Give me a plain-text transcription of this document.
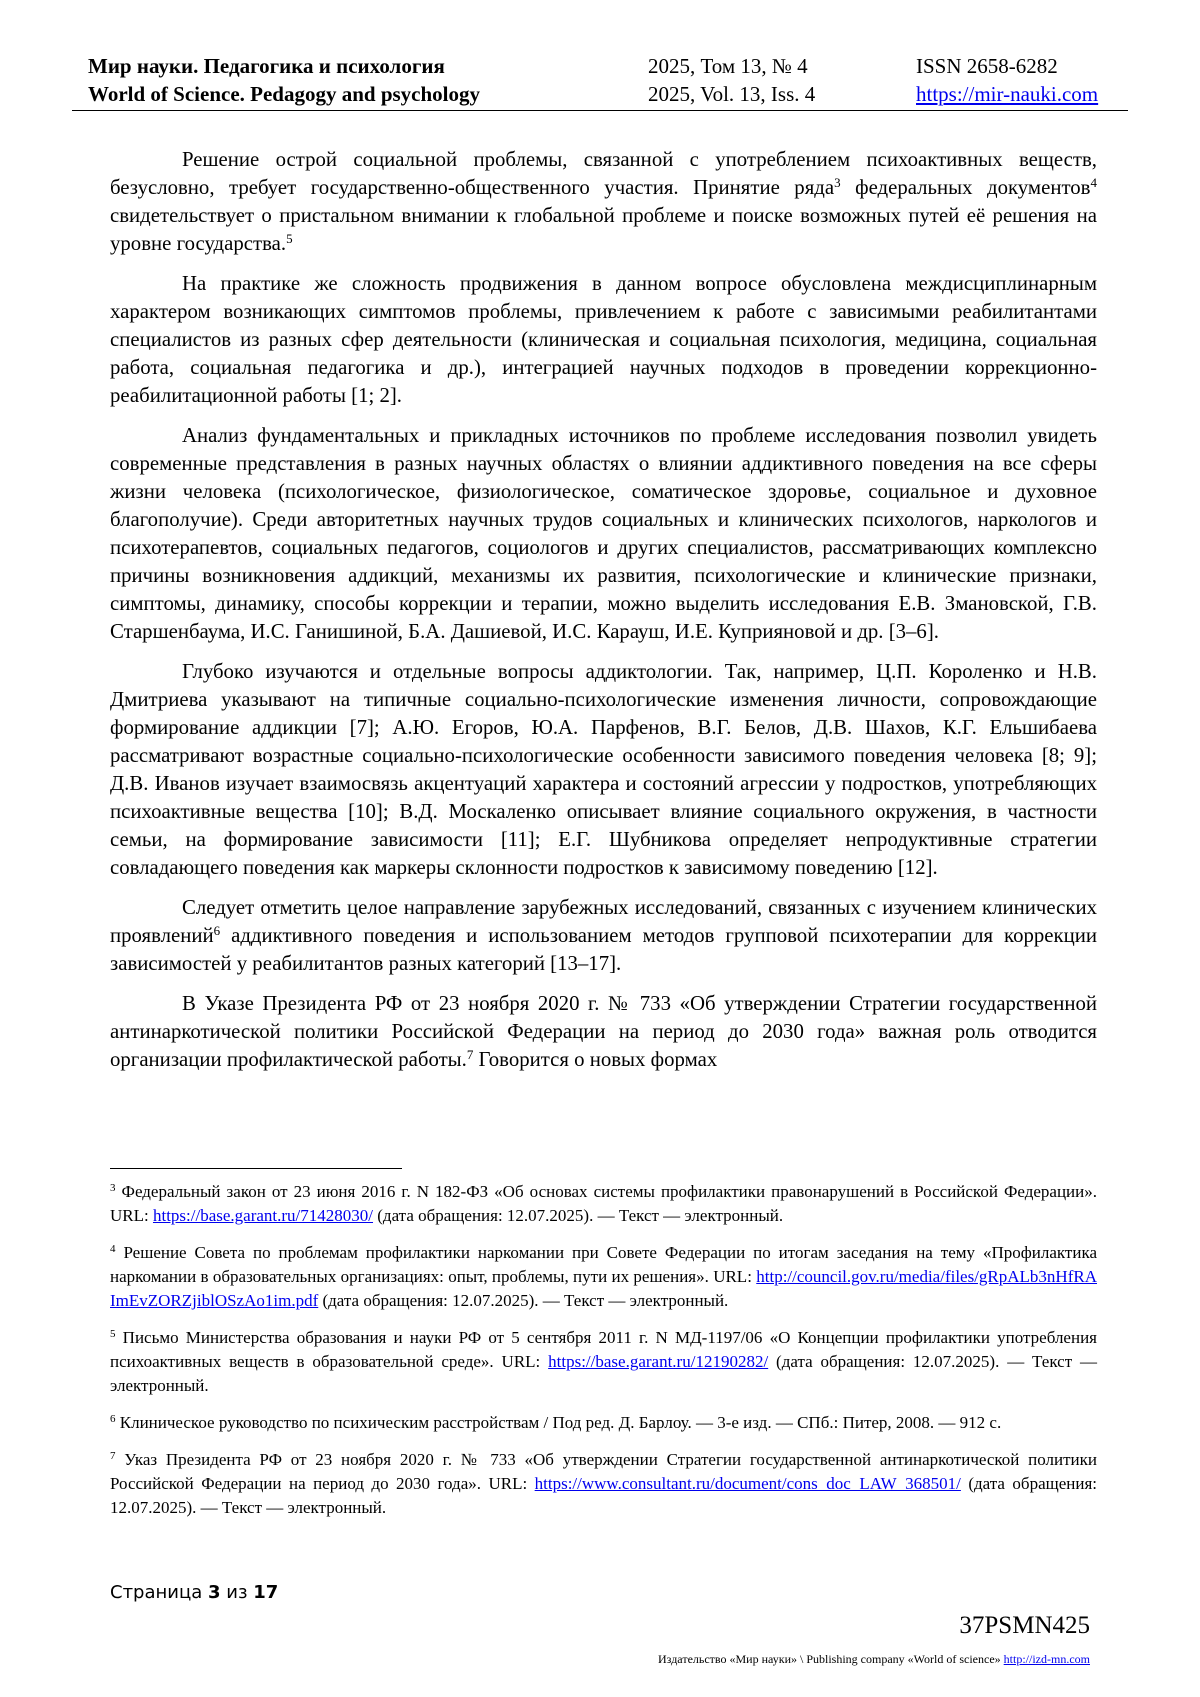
Мир науки. Педагогика и психология
World of Science. Pedagogy and psychology
2025, Том 13, № 4
2025, Vol. 13, Iss. 4
ISSN 2658-6282
https://mir-nauki.com

Решение острой социальной проблемы, связанной с употреблением психоактивных веществ, безусловно, требует государственно-общественного участия. Принятие ряда$^3$ федеральных документов$^4$ свидетельствует о пристальном внимании к глобальной проблеме и поиске возможных путей её решения на уровне государства.$^5$

На практике же сложность продвижения в данном вопросе обусловлена междисциплинарным характером возникающих симптомов проблемы, привлечением к работе с зависимыми реабилитантами специалистов из разных сфер деятельности (клиническая и социальная психология, медицина, социальная работа, социальная педагогика и др.), интеграцией научных подходов в проведении коррекционно-реабилитационной работы [1; 2].

Анализ фундаментальных и прикладных источников по проблеме исследования позволил увидеть современные представления в разных научных областях о влиянии аддиктивного поведения на все сферы жизни человека (психологическое, физиологическое, соматическое здоровье, социальное и духовное благополучие). Среди авторитетных научных трудов социальных и клинических психологов, наркологов и психотерапевтов, социальных педагогов, социологов и других специалистов, рассматривающих комплексно причины возникновения аддикций, механизмы их развития, психологические и клинические признаки, симптомы, динамику, способы коррекции и терапии, можно выделить исследования Е.В. Змановской, Г.В. Старшенбаума, И.С. Ганишиной, Б.А. Дашиевой, И.С. Карауш, И.Е. Куприяновой и др. [3–6].

Глубоко изучаются и отдельные вопросы аддиктологии. Так, например, Ц.П. Короленко и Н.В. Дмитриева указывают на типичные социально-психологические изменения личности, сопровождающие формирование аддикции [7]; А.Ю. Егоров, Ю.А. Парфенов, В.Г. Белов, Д.В. Шахов, К.Г. Ельшибаева рассматривают возрастные социально-психологические особенности зависимого поведения человека [8; 9]; Д.В. Иванов изучает взаимосвязь акцентуаций характера и состояний агрессии у подростков, употребляющих психоактивные вещества [10]; В.Д. Москаленко описывает влияние социального окружения, в частности семьи, на формирование зависимости [11]; Е.Г. Шубникова определяет непродуктивные стратегии совладающего поведения как маркеры склонности подростков к зависимому поведению [12].

Следует отметить целое направление зарубежных исследований, связанных с изучением клинических проявлений$^6$ аддиктивного поведения и использованием методов групповой психотерапии для коррекции зависимостей у реабилитантов разных категорий [13–17].

В Указе Президента РФ от 23 ноября 2020 г. № 733 «Об утверждении Стратегии государственной антинаркотической политики Российской Федерации на период до 2030 года» важная роль отводится организации профилактической работы.$^7$ Говорится о новых формах

$^3$ Федеральный закон от 23 июня 2016 г. N 182-ФЗ «Об основах системы профилактики правонарушений в Российской Федерации». URL: https://base.garant.ru/71428030/ (дата обращения: 12.07.2025). — Текст — электронный.
$^4$ Решение Совета по проблемам профилактики наркомании при Совете Федерации по итогам заседания на тему «Профилактика наркомании в образовательных организациях: опыт, проблемы, пути их решения». URL: http://council.gov.ru/media/files/gRpALb3nHfRAImEvZORZjiblOSzAo1im.pdf (дата обращения: 12.07.2025). — Текст — электронный.
$^5$ Письмо Министерства образования и науки РФ от 5 сентября 2011 г. N МД-1197/06 «О Концепции профилактики употребления психоактивных веществ в образовательной среде». URL: https://base.garant.ru/12190282/ (дата обращения: 12.07.2025). — Текст — электронный.
$^6$ Клиническое руководство по психическим расстройствам / Под ред. Д. Барлоу. — 3-е изд. — СПб.: Питер, 2008. — 912 с.
$^7$ Указ Президента РФ от 23 ноября 2020 г. № 733 «Об утверждении Стратегии государственной антинаркотической политики Российской Федерации на период до 2030 года». URL: https://www.consultant.ru/document/cons_doc_LAW_368501/ (дата обращения: 12.07.2025). — Текст — электронный.
Страница 3 из 17
37PSMN425
Издательство «Мир науки» \ Publishing company «World of science» http://izd-mn.com
